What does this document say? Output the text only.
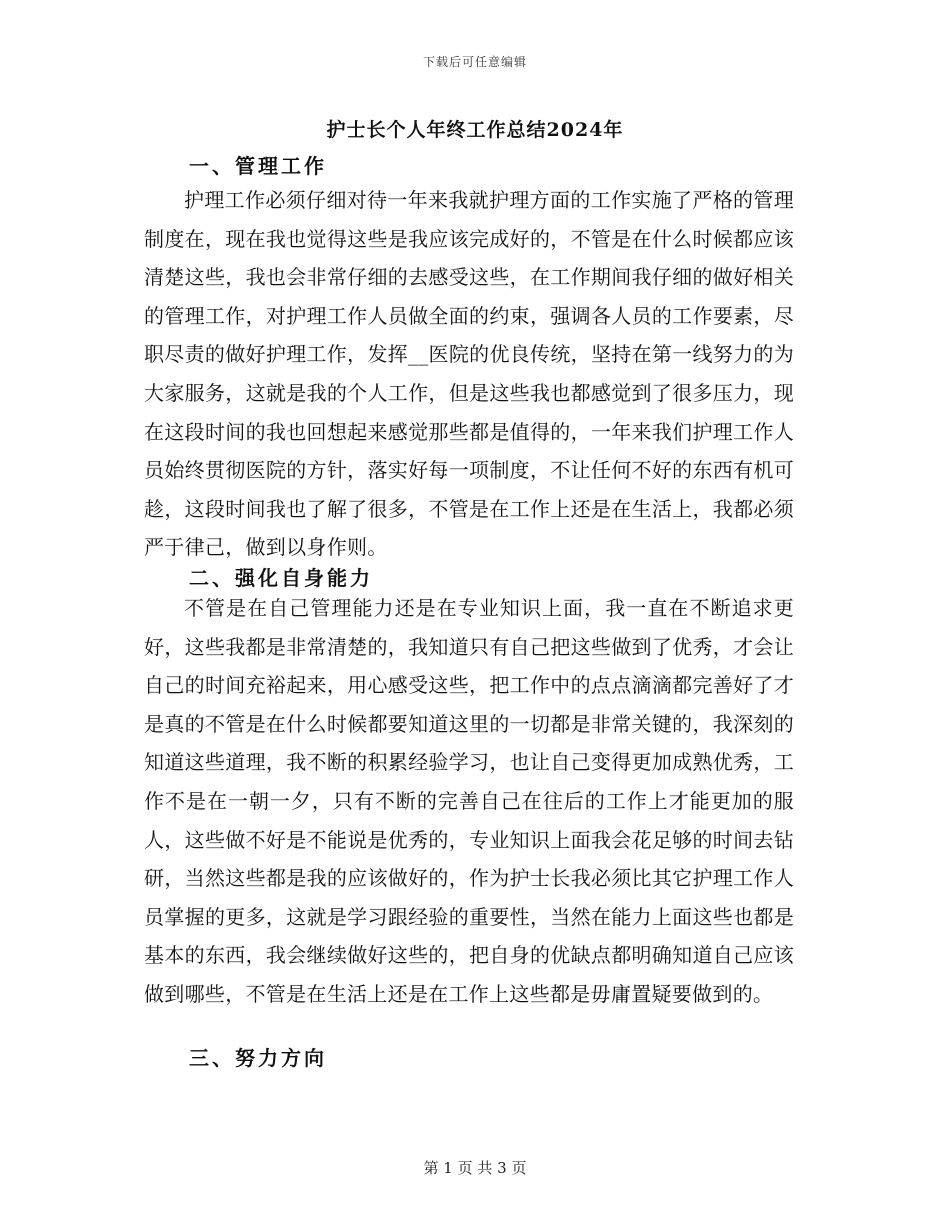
下载后可任意编辑
护士长个人年终工作总结2024年
一、管理工作

护理工作必须仔细对待一年来我就护理方面的工作实施了严格的管理制度在，现在我也觉得这些是我应该完成好的，不管是在什么时候都应该清楚这些，我也会非常仔细的去感受这些，在工作期间我仔细的做好相关的管理工作，对护理工作人员做全面的约束，强调各人员的工作要素，尽职尽责的做好护理工作，发挥__医院的优良传统，坚持在第一线努力的为大家服务，这就是我的个人工作，但是这些我也都感觉到了很多压力，现在这段时间的我也回想起来感觉那些都是值得的，一年来我们护理工作人员始终贯彻医院的方针，落实好每一项制度，不让任何不好的东西有机可趁，这段时间我也了解了很多，不管是在工作上还是在生活上，我都必须严于律己，做到以身作则。

二、强化自身能力

不管是在自己管理能力还是在专业知识上面，我一直在不断追求更好，这些我都是非常清楚的，我知道只有自己把这些做到了优秀，才会让自己的时间充裕起来，用心感受这些，把工作中的点点滴滴都完善好了才是真的不管是在什么时候都要知道这里的一切都是非常关键的，我深刻的知道这些道理，我不断的积累经验学习，也让自己变得更加成熟优秀，工作不是在一朝一夕，只有不断的完善自己在往后的工作上才能更加的服人，这些做不好是不能说是优秀的，专业知识上面我会花足够的时间去钻研，当然这些都是我的应该做好的，作为护士长我必须比其它护理工作人员掌握的更多，这就是学习跟经验的重要性，当然在能力上面这些也都是基本的东西，我会继续做好这些的，把自身的优缺点都明确知道自己应该做到哪些，不管是在生活上还是在工作上这些都是毋庸置疑要做到的。

三、努力方向
第 1 页 共 3 页
